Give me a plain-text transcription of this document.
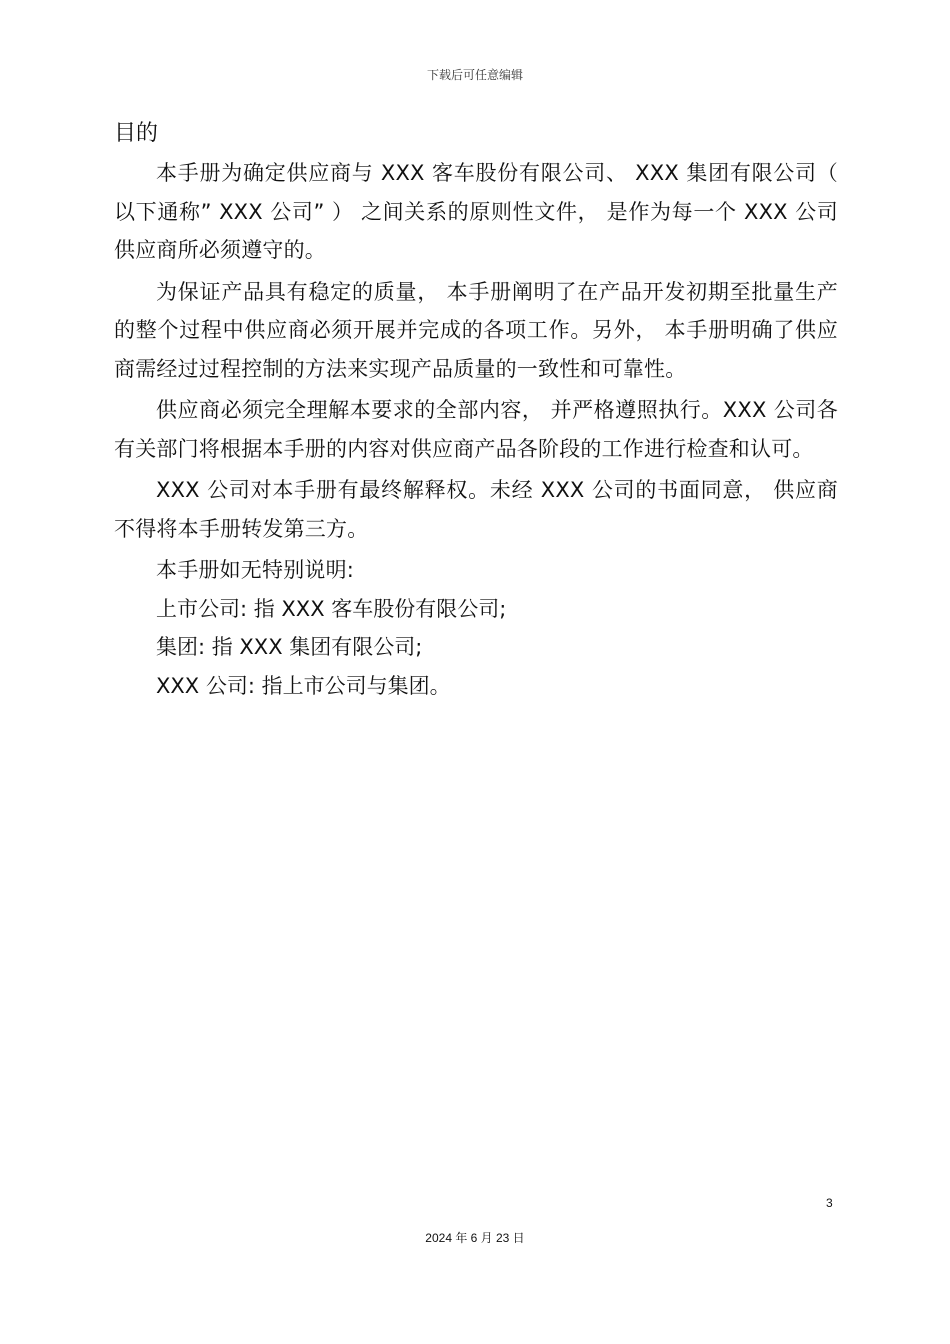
下载后可任意编辑
目的

本手册为确定供应商与 XXX 客车股份有限公司、 XXX 集团有限公司（ 以下通称” XXX 公司” ） 之间关系的原则性文件， 是作为每一个 XXX 公司供应商所必须遵守的。

为保证产品具有稳定的质量， 本手册阐明了在产品开发初期至批量生产的整个过程中供应商必须开展并完成的各项工作。另外， 本手册明确了供应商需经过过程控制的方法来实现产品质量的一致性和可靠性。

供应商必须完全理解本要求的全部内容， 并严格遵照执行。XXX 公司各有关部门将根据本手册的内容对供应商产品各阶段的工作进行检查和认可。

XXX 公司对本手册有最终解释权。未经 XXX 公司的书面同意， 供应商不得将本手册转发第三方。

本手册如无特别说明:

上市公司: 指 XXX 客车股份有限公司;

集团: 指 XXX 集团有限公司;

XXX 公司: 指上市公司与集团。

3
2024 年 6 月 23 日
